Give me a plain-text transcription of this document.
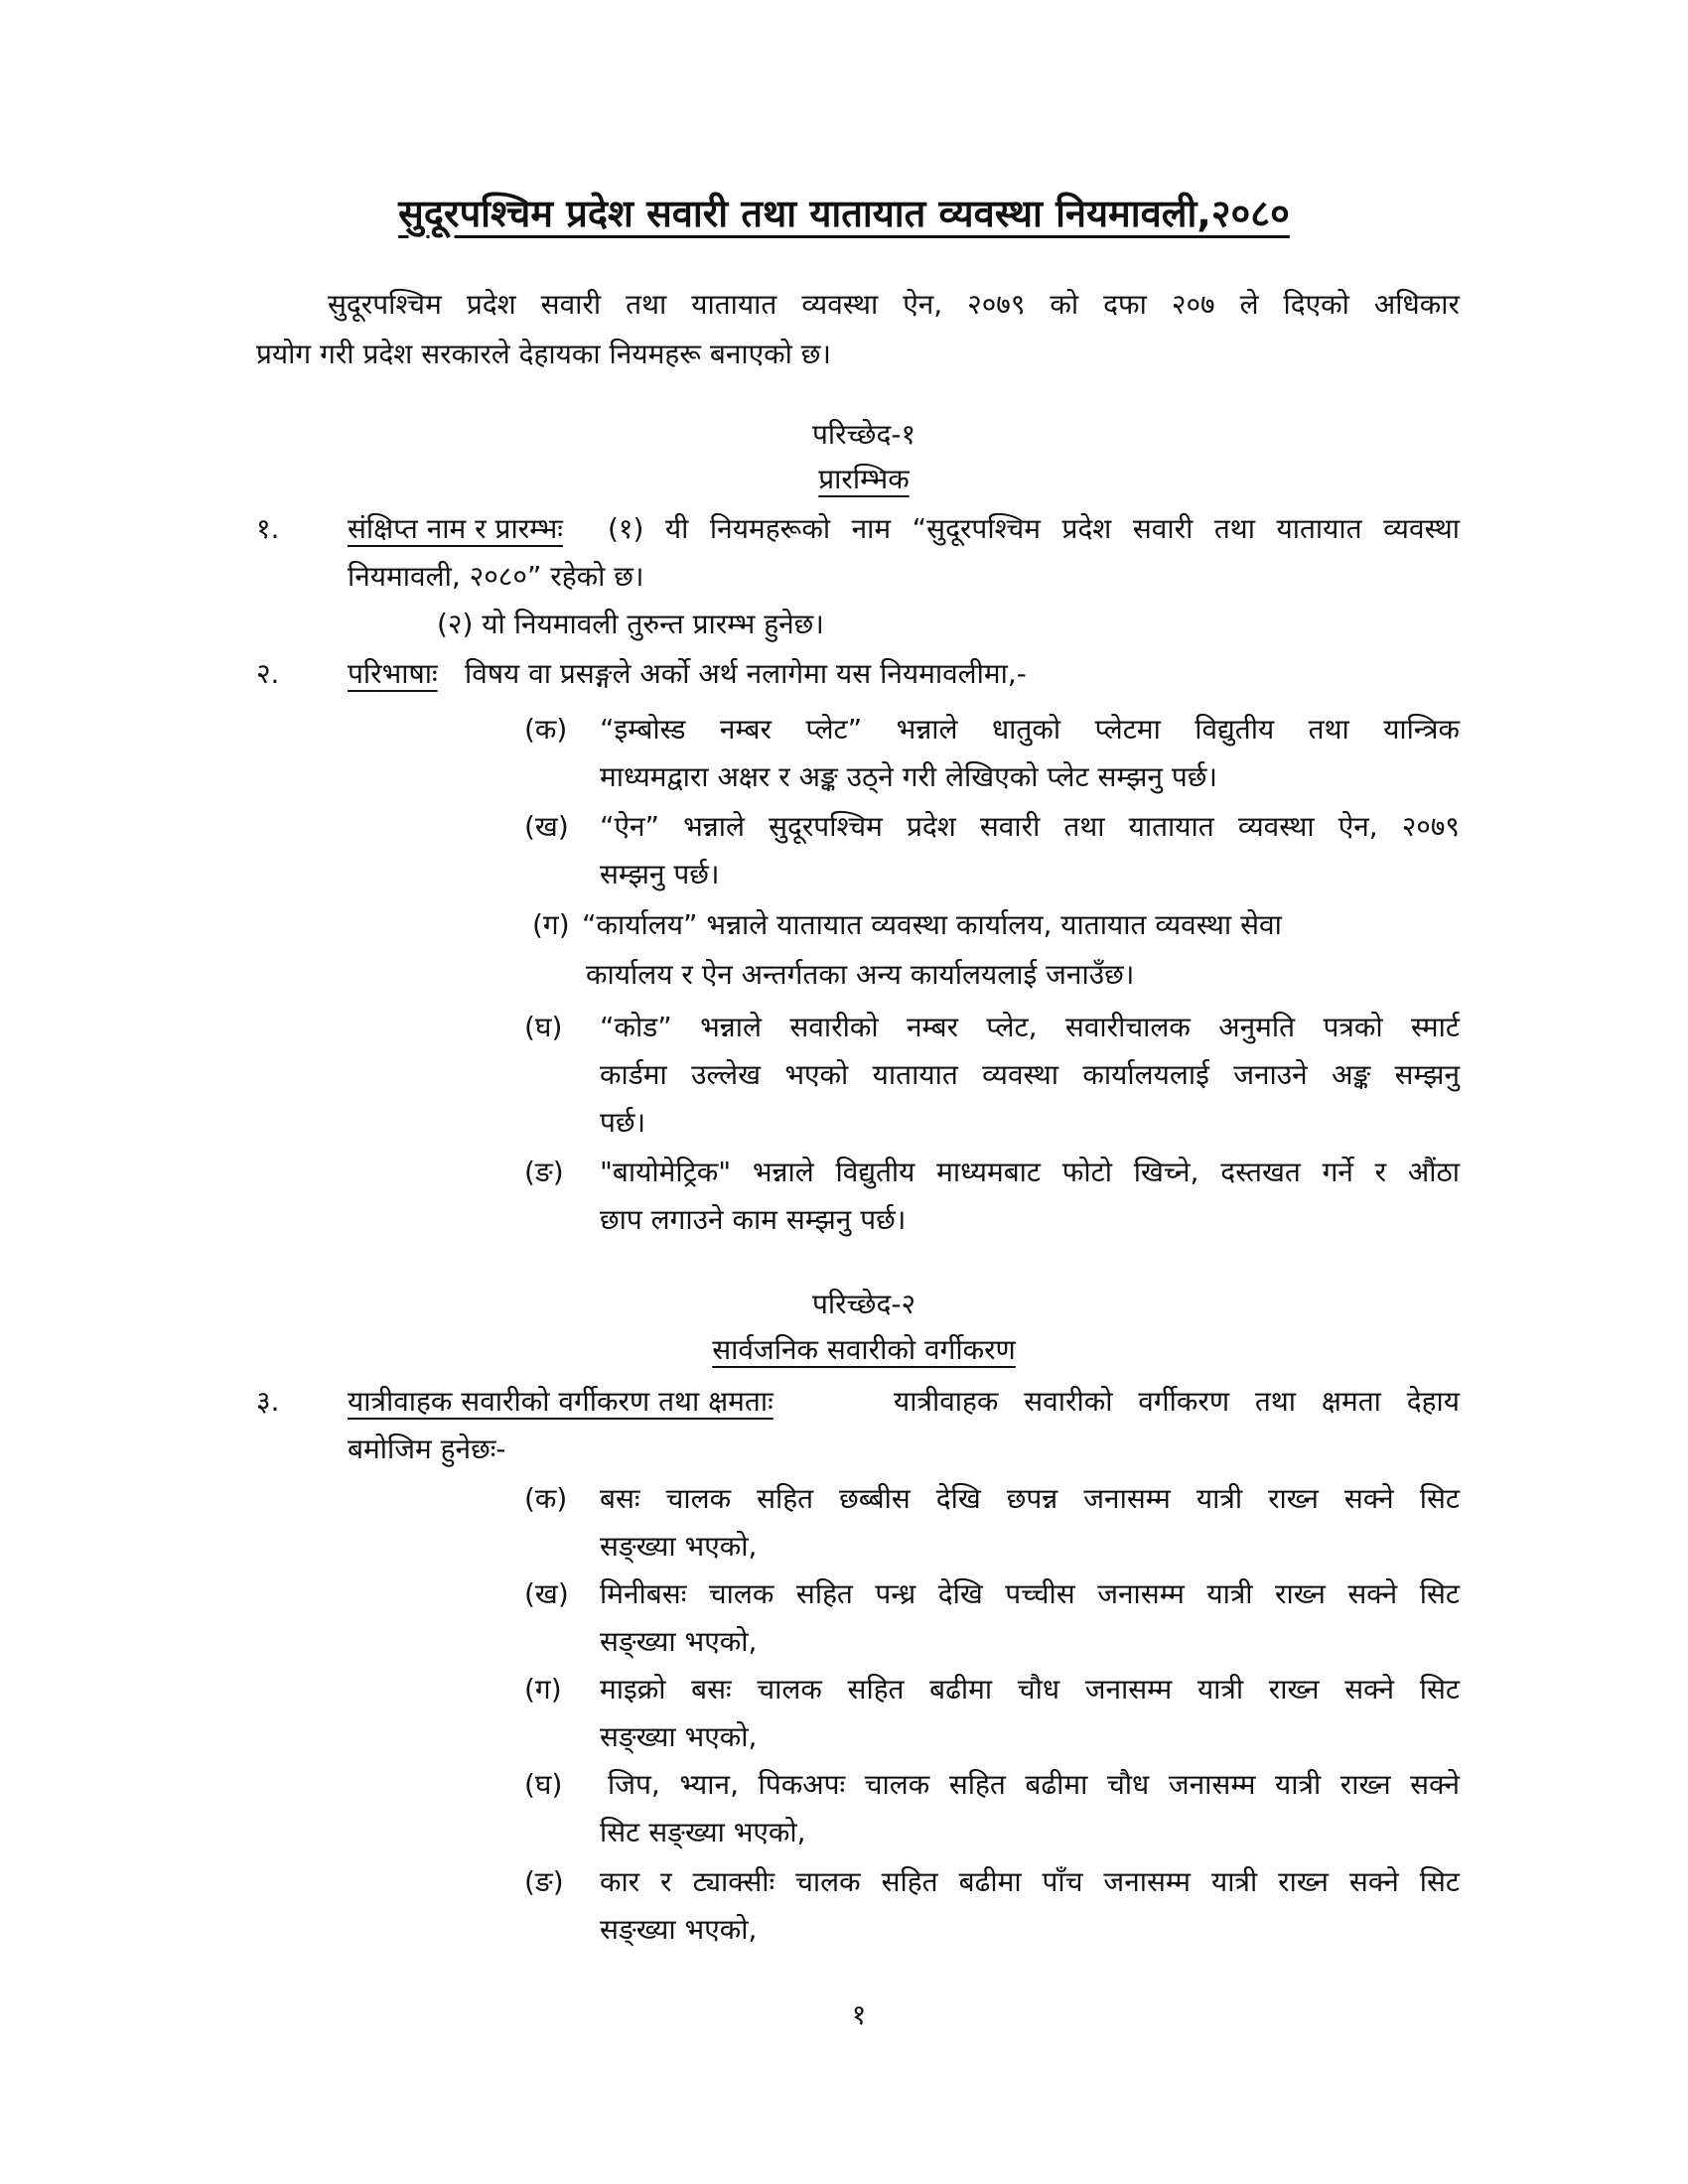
सुदूरपश्चिम प्रदेश सवारी तथा यातायात व्यवस्था नियमावली,२०८०
सुदूरपश्चिम प्रदेश सवारी तथा यातायात व्यवस्था ऐन, २०७९ को दफा २०७ ले दिएको अधिकार
प्रयोग गरी प्रदेश सरकारले देहायका नियमहरू बनाएको छ।
परिच्छेद-१
प्रारम्भिक
१. संक्षिप्त नाम र प्रारम्भः (१) यी नियमहरूको नाम “सुदूरपश्चिम प्रदेश सवारी तथा यातायात व्यवस्था
नियमावली, २०८०” रहेको छ।
(२) यो नियमावली तुरुन्त प्रारम्भ हुनेछ।
२. परिभाषाः विषय वा प्रसङ्गले अर्को अर्थ नलागेमा यस नियमावलीमा,-
(क) “इम्बोस्ड नम्बर प्लेट” भन्नाले धातुको प्लेटमा विद्युतीय तथा यान्त्रिक
माध्यमद्वारा अक्षर र अङ्क उठ्ने गरी लेखिएको प्लेट सम्झनु पर्छ।
(ख) “ऐन” भन्नाले सुदूरपश्चिम प्रदेश सवारी तथा यातायात व्यवस्था ऐन, २०७९
सम्झनु पर्छ।
(ग) “कार्यालय” भन्नाले यातायात व्यवस्था कार्यालय, यातायात व्यवस्था सेवा
कार्यालय र ऐन अन्तर्गतका अन्य कार्यालयलाई जनाउँछ।
(घ) “कोड” भन्नाले सवारीको नम्बर प्लेट, सवारीचालक अनुमति पत्रको स्मार्ट
कार्डमा उल्लेख भएको यातायात व्यवस्था कार्यालयलाई जनाउने अङ्क सम्झनु
पर्छ।
(ङ) "बायोमेट्रिक" भन्नाले विद्युतीय माध्यमबाट फोटो खिच्ने, दस्तखत गर्ने र औंठा
छाप लगाउने काम सम्झनु पर्छ।
परिच्छेद-२
सार्वजनिक सवारीको वर्गीकरण
३. यात्रीवाहक सवारीको वर्गीकरण तथा क्षमताः	यात्रीवाहक सवारीको वर्गीकरण तथा क्षमता देहाय
बमोजिम हुनेछः-
(क) बसः चालक सहित छब्बीस देखि छपन्न जनासम्म यात्री राख्न सक्ने सिट
सङ्ख्या भएको,
(ख) मिनीबसः चालक सहित पन्ध्र देखि पच्चीस जनासम्म यात्री राख्न सक्ने सिट
सङ्ख्या भएको,
(ग) माइक्रो बसः चालक सहित बढीमा चौध जनासम्म यात्री राख्न सक्ने सिट
सङ्ख्या भएको,
(घ) जिप, भ्यान, पिकअपः चालक सहित बढीमा चौध जनासम्म यात्री राख्न सक्ने
सिट सङ्ख्या भएको,
(ङ) कार र ट्याक्सीः चालक सहित बढीमा पाँच जनासम्म यात्री राख्न सक्ने सिट
सङ्ख्या भएको,
१
